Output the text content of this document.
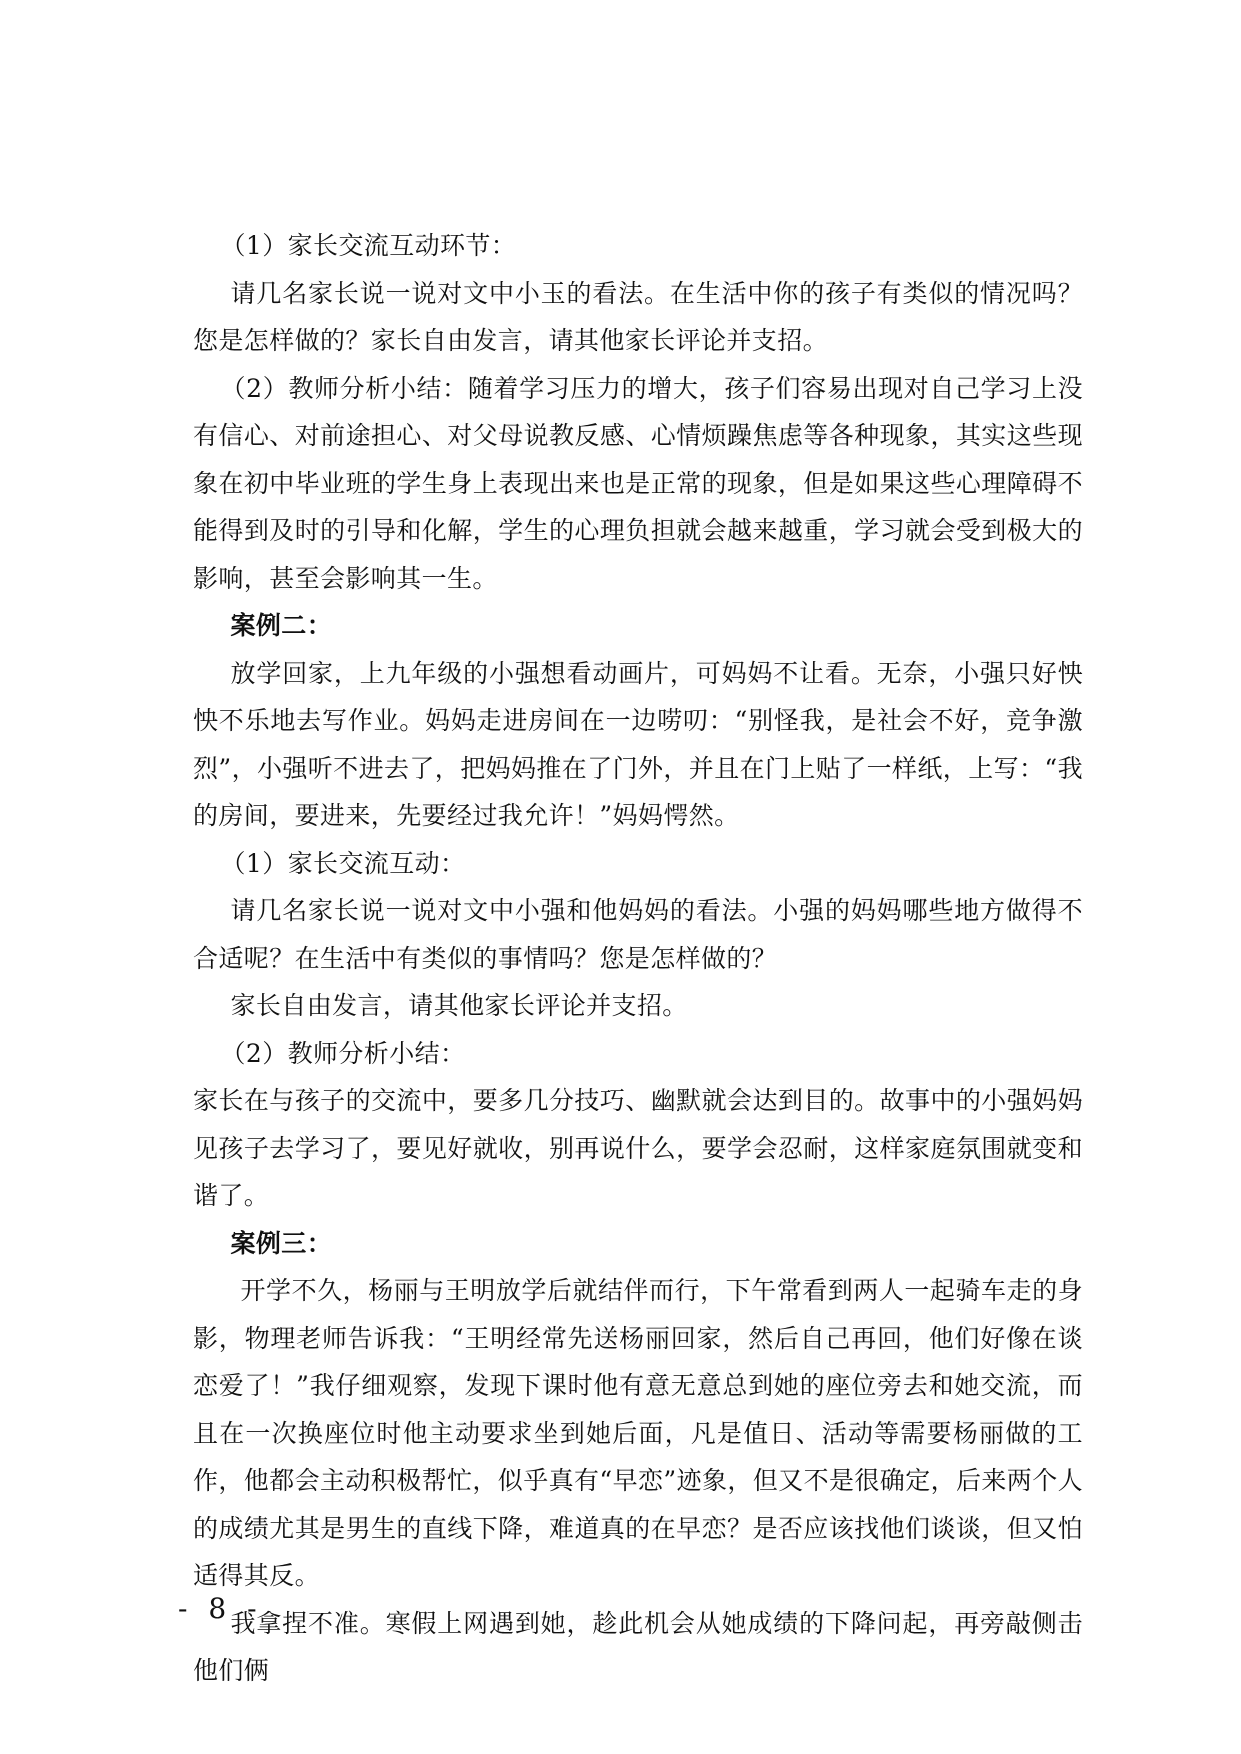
（1）家长交流互动环节：

请几名家长说一说对文中小玉的看法。在生活中你的孩子有类似的情况吗？您是怎样做的？家长自由发言，请其他家长评论并支招。

（2）教师分析小结：随着学习压力的增大，孩子们容易出现对自己学习上没有信心、对前途担心、对父母说教反感、心情烦躁焦虑等各种现象，其实这些现象在初中毕业班的学生身上表现出来也是正常的现象，但是如果这些心理障碍不能得到及时的引导和化解，学生的心理负担就会越来越重，学习就会受到极大的影响，甚至会影响其一生。

案例二：

放学回家，上九年级的小强想看动画片，可妈妈不让看。无奈，小强只好怏怏不乐地去写作业。妈妈走进房间在一边唠叨：“别怪我，是社会不好，竞争激烈”，小强听不进去了，把妈妈推在了门外，并且在门上贴了一样纸，上写：“我的房间，要进来，先要经过我允许！”妈妈愕然。

（1）家长交流互动：

请几名家长说一说对文中小强和他妈妈的看法。小强的妈妈哪些地方做得不合适呢？在生活中有类似的事情吗？您是怎样做的？

家长自由发言，请其他家长评论并支招。

（2）教师分析小结：

家长在与孩子的交流中，要多几分技巧、幽默就会达到目的。故事中的小强妈妈见孩子去学习了，要见好就收，别再说什么，要学会忍耐，这样家庭氛围就变和谐了。

案例三：

开学不久，杨丽与王明放学后就结伴而行，下午常看到两人一起骑车走的身影，物理老师告诉我：“王明经常先送杨丽回家，然后自己再回，他们好像在谈恋爱了！”我仔细观察，发现下课时他有意无意总到她的座位旁去和她交流，而且在一次换座位时他主动要求坐到她后面，凡是值日、活动等需要杨丽做的工作，他都会主动积极帮忙，似乎真有“早恋”迹象，但又不是很确定，后来两个人的成绩尤其是男生的直线下降，难道真的在早恋？是否应该找他们谈谈，但又怕适得其反。

我拿捏不准。寒假上网遇到她，趁此机会从她成绩的下降问起，再旁敲侧击他们俩

- 8 -
